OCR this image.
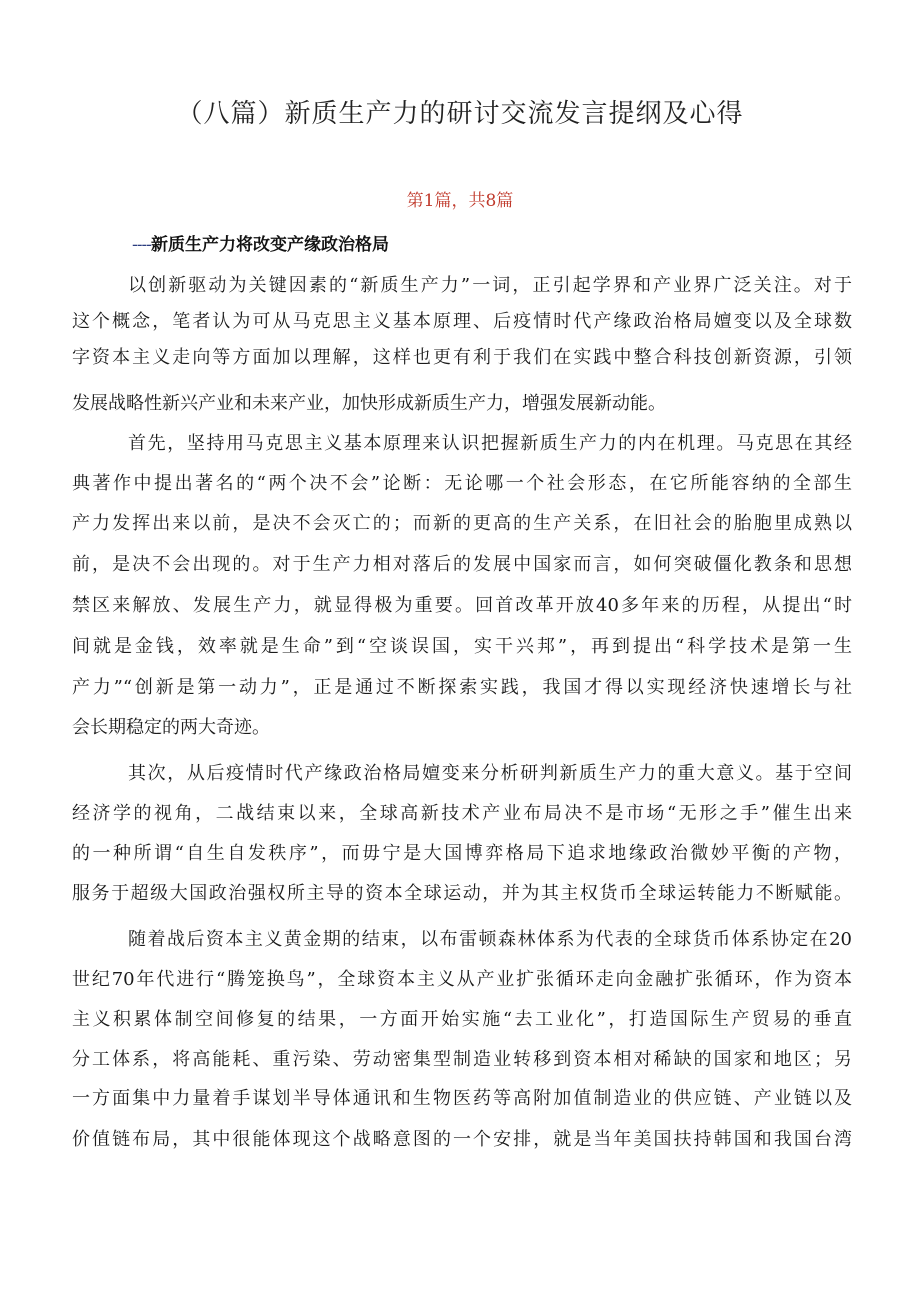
（八篇）新质生产力的研讨交流发言提纲及心得
第1篇，共8篇
----新质生产力将改变产缘政治格局
以创新驱动为关键因素的“新质生产力”一词，正引起学界和产业界广泛关注。对于
这个概念，笔者认为可从马克思主义基本原理、后疫情时代产缘政治格局嬗变以及全球数
字资本主义走向等方面加以理解，这样也更有利于我们在实践中整合科技创新资源，引领
发展战略性新兴产业和未来产业，加快形成新质生产力，增强发展新动能。
首先，坚持用马克思主义基本原理来认识把握新质生产力的内在机理。马克思在其经
典著作中提出著名的“两个决不会”论断：无论哪一个社会形态，在它所能容纳的全部生
产力发挥出来以前，是决不会灭亡的；而新的更高的生产关系，在旧社会的胎胞里成熟以
前，是决不会出现的。对于生产力相对落后的发展中国家而言，如何突破僵化教条和思想
禁区来解放、发展生产力，就显得极为重要。回首改革开放40多年来的历程，从提出“时
间就是金钱，效率就是生命”到“空谈误国，实干兴邦”，再到提出“科学技术是第一生
产力”“创新是第一动力”，正是通过不断探索实践，我国才得以实现经济快速增长与社
会长期稳定的两大奇迹。
其次，从后疫情时代产缘政治格局嬗变来分析研判新质生产力的重大意义。基于空间
经济学的视角，二战结束以来，全球高新技术产业布局决不是市场“无形之手”催生出来
的一种所谓“自生自发秩序”，而毋宁是大国博弈格局下追求地缘政治微妙平衡的产物，
服务于超级大国政治强权所主导的资本全球运动，并为其主权货币全球运转能力不断赋能。
随着战后资本主义黄金期的结束，以布雷顿森林体系为代表的全球货币体系协定在20
世纪70年代进行“腾笼换鸟”，全球资本主义从产业扩张循环走向金融扩张循环，作为资本
主义积累体制空间修复的结果，一方面开始实施“去工业化”，打造国际生产贸易的垂直
分工体系，将高能耗、重污染、劳动密集型制造业转移到资本相对稀缺的国家和地区；另
一方面集中力量着手谋划半导体通讯和生物医药等高附加值制造业的供应链、产业链以及
价值链布局，其中很能体现这个战略意图的一个安排，就是当年美国扶持韩国和我国台湾
